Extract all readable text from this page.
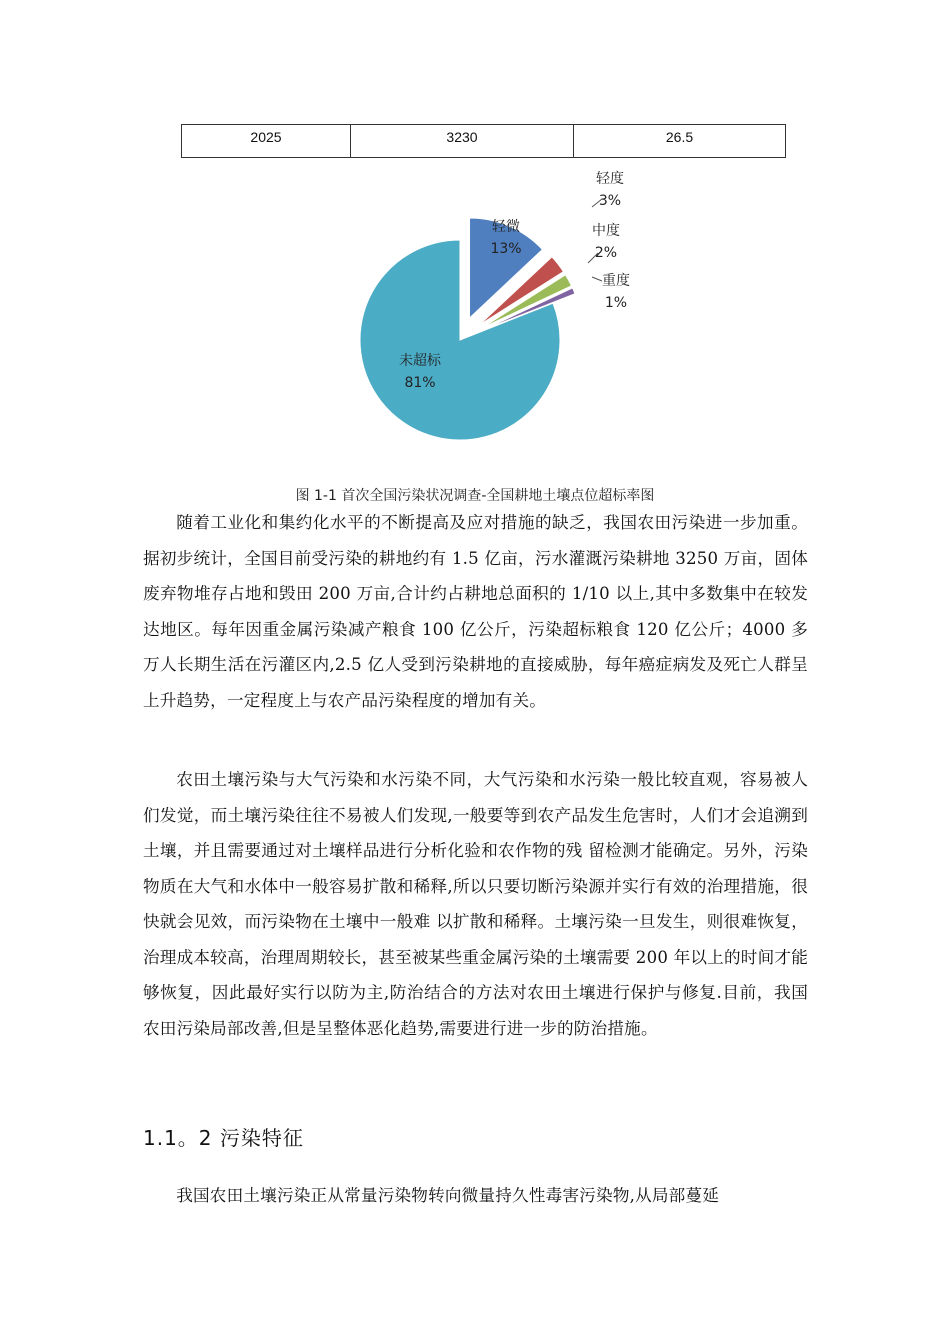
2025	3230	26.5
轻微
13%
轻度
3%
中度
2%
重度
1%
未超标
81%
图 1-1 首次全国污染状况调查-全国耕地土壤点位超标率图

随着工业化和集约化水平的不断提高及应对措施的缺乏，我国农田污染进一步加重。据初步统计，全国目前受污染的耕地约有 1.5 亿亩，污水灌溉污染耕地 3250 万亩，固体废弃物堆存占地和毁田 200 万亩,合计约占耕地总面积的 1/10 以上,其中多数集中在较发达地区。每年因重金属污染减产粮食 100 亿公斤，污染超标粮食 120 亿公斤；4000 多万人长期生活在污灌区内,2.5 亿人受到污染耕地的直接威胁，每年癌症病发及死亡人群呈上升趋势，一定程度上与农产品污染程度的增加有关。

农田土壤污染与大气污染和水污染不同，大气污染和水污染一般比较直观，容易被人们发觉，而土壤污染往往不易被人们发现,一般要等到农产品发生危害时，人们才会追溯到土壤，并且需要通过对土壤样品进行分析化验和农作物的残 留检测才能确定。另外，污染物质在大气和水体中一般容易扩散和稀释,所以只要切断污染源并实行有效的治理措施，很快就会见效，而污染物在土壤中一般难 以扩散和稀释。土壤污染一旦发生，则很难恢复，治理成本较高，治理周期较长，甚至被某些重金属污染的土壤需要 200 年以上的时间才能够恢复，因此最好实行以防为主,防治结合的方法对农田土壤进行保护与修复.目前，我国农田污染局部改善,但是呈整体恶化趋势,需要进行进一步的防治措施。

1.1。2 污染特征

我国农田土壤污染正从常量污染物转向微量持久性毒害污染物,从局部蔓延
